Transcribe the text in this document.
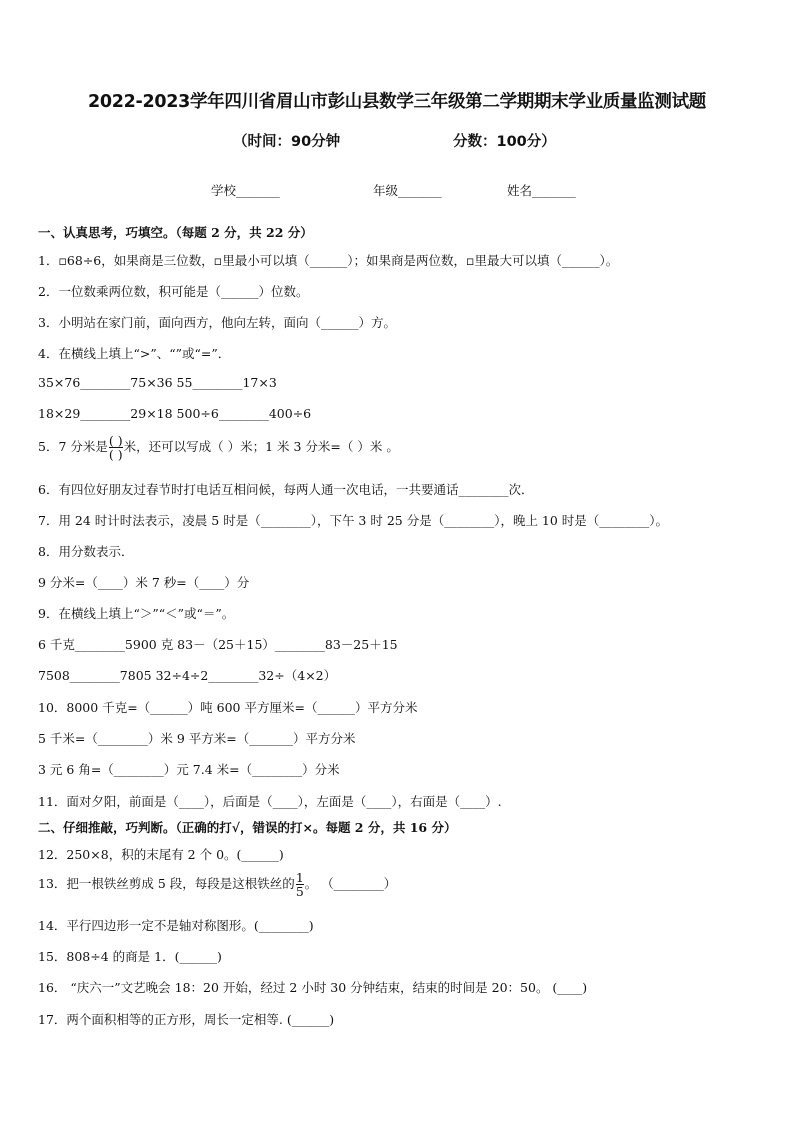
2022-2023学年四川省眉山市彭山县数学三年级第二学期期末学业质量监测试题
（时间：90分钟	分数：100分）
学校_______	年级_______	姓名_______
一、认真思考，巧填空。（每题 2 分，共 22 分）
1．▫68÷6，如果商是三位数，▫里最小可以填（______）；如果商是两位数，▫里最大可以填（______）。
2．一位数乘两位数，积可能是（______）位数。
3．小明站在家门前，面向西方，他向左转，面向（______）方。
4．在横线上填上“>”、“”或“=”．
35×76________75×36 55________17×3
18×29________29×18 500÷6________400÷6
5．7 分米是 $\frac{( )}{( )}$ 米，还可以写成（ ）米；1 米 3 分米=（ ）米 。
6．有四位好朋友过春节时打电话互相问候，每两人通一次电话，一共要通话________次．
7．用 24 时计时法表示，凌晨 5 时是（________），下午 3 时 25 分是（________），晚上 10 时是（________）。
8．用分数表示．
9 分米=（____）米 7 秒=（____）分
9．在横线上填上“＞”“＜”或“＝”。
6 千克________5900 克 83－（25＋15）________83－25＋15
7508________7805 32÷4÷2________32÷（4×2）
10．8000 千克=（______）吨 600 平方厘米=（______）平方分米
5 千米=（________）米 9 平方米=（_______）平方分米
3 元 6 角=（________）元 7.4 米=（________）分米
11．面对夕阳，前面是（____），后面是（____），左面是（____），右面是（____）.
二、仔细推敲，巧判断。（正确的打√，错误的打×。每题 2 分，共 16 分）
12．250×8，积的末尾有 2 个 0。(______)
13．把一根铁丝剪成 5 段，每段是这根铁丝的 $\frac{1}{5}$ 。 （________）
14．平行四边形一定不是轴对称图形。(________)
15．808÷4 的商是 1．(______)
16． “庆六一”文艺晚会 18：20 开始，经过 2 小时 30 分钟结束，结束的时间是 20：50。 (____)
17．两个面积相等的正方形，周长一定相等. (______)
